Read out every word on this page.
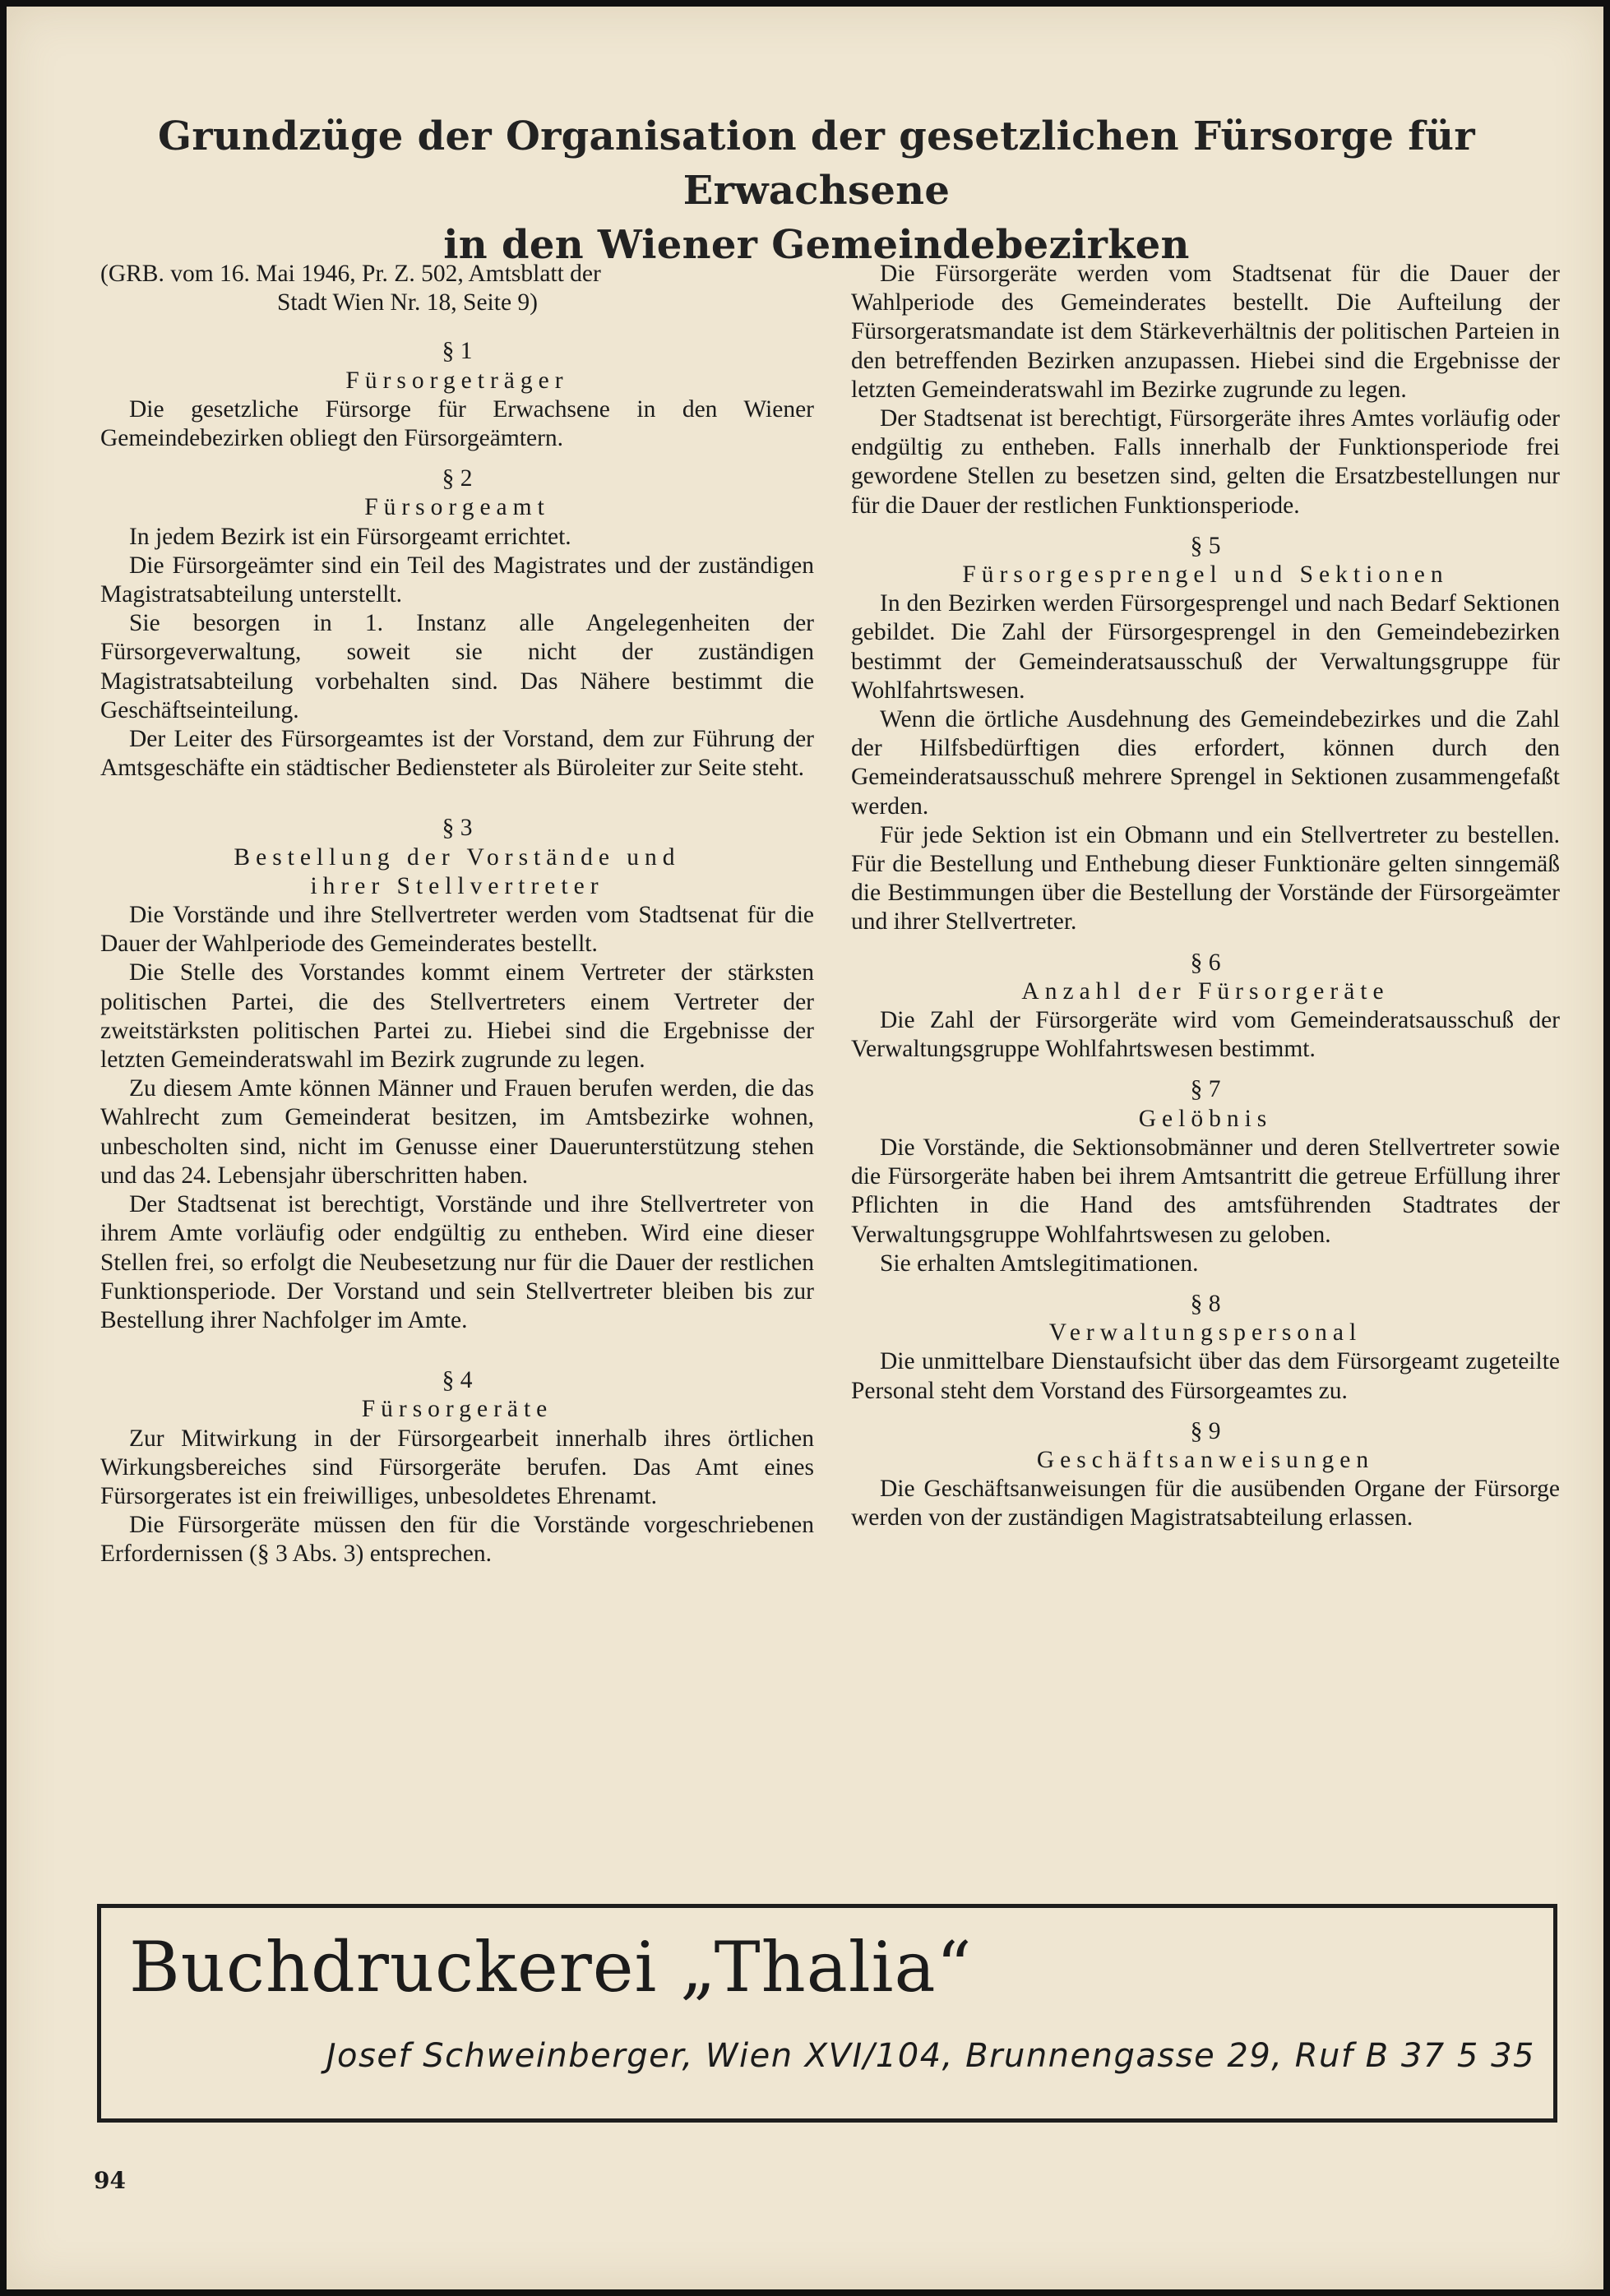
Grundzüge der Organisation der gesetzlichen Fürsorge für Erwachsene
in den Wiener Gemeindebezirken
(GRB. vom 16. Mai 1946, Pr. Z. 502, Amtsblatt der
Stadt Wien Nr. 18, Seite 9)
§ 1
Fürsorgeträger

Die gesetzliche Fürsorge für Erwachsene in den Wiener Gemeindebezirken obliegt den Fürsorgeämtern.

§ 2
Fürsorgeamt

In jedem Bezirk ist ein Fürsorgeamt errichtet.

Die Fürsorgeämter sind ein Teil des Magistrates und der zuständigen Magistratsabteilung unterstellt.

Sie besorgen in 1. Instanz alle Angelegenheiten der Fürsorgeverwaltung, soweit sie nicht der zuständigen Magistratsabteilung vorbehalten sind. Das Nähere bestimmt die Geschäftseinteilung.

Der Leiter des Fürsorgeamtes ist der Vorstand, dem zur Führung der Amtsgeschäfte ein städtischer Bediensteter als Büroleiter zur Seite steht.

§ 3
Bestellung der Vorstände und
ihrer Stellvertreter

Die Vorstände und ihre Stellvertreter werden vom Stadtsenat für die Dauer der Wahlperiode des Gemeinderates bestellt.

Die Stelle des Vorstandes kommt einem Vertreter der stärksten politischen Partei, die des Stellvertreters einem Vertreter der zweitstärksten politischen Partei zu. Hiebei sind die Ergebnisse der letzten Gemeinderatswahl im Bezirk zugrunde zu legen.

Zu diesem Amte können Männer und Frauen berufen werden, die das Wahlrecht zum Gemeinderat besitzen, im Amtsbezirke wohnen, unbescholten sind, nicht im Genusse einer Dauerunterstützung stehen und das 24. Lebensjahr überschritten haben.

Der Stadtsenat ist berechtigt, Vorstände und ihre Stellvertreter von ihrem Amte vorläufig oder endgültig zu entheben. Wird eine dieser Stellen frei, so erfolgt die Neubesetzung nur für die Dauer der restlichen Funktionsperiode. Der Vorstand und sein Stellvertreter bleiben bis zur Bestellung ihrer Nachfolger im Amte.

§ 4
Fürsorgeräte

Zur Mitwirkung in der Fürsorgearbeit innerhalb ihres örtlichen Wirkungsbereiches sind Fürsorgeräte berufen. Das Amt eines Fürsorgerates ist ein freiwilliges, unbesoldetes Ehrenamt.

Die Fürsorgeräte müssen den für die Vorstände vorgeschriebenen Erfordernissen (§ 3 Abs. 3) entsprechen.

Die Fürsorgeräte werden vom Stadtsenat für die Dauer der Wahlperiode des Gemeinderates bestellt. Die Aufteilung der Fürsorgeratsmandate ist dem Stärkeverhältnis der politischen Parteien in den betreffenden Bezirken anzupassen. Hiebei sind die Ergebnisse der letzten Gemeinderatswahl im Bezirke zugrunde zu legen.

Der Stadtsenat ist berechtigt, Fürsorgeräte ihres Amtes vorläufig oder endgültig zu entheben. Falls innerhalb der Funktionsperiode frei gewordene Stellen zu besetzen sind, gelten die Ersatzbestellungen nur für die Dauer der restlichen Funktionsperiode.

§ 5
Fürsorgesprengel und Sektionen

In den Bezirken werden Fürsorgesprengel und nach Bedarf Sektionen gebildet. Die Zahl der Fürsorgesprengel in den Gemeindebezirken bestimmt der Gemeinderatsausschuß der Verwaltungsgruppe für Wohlfahrtswesen.

Wenn die örtliche Ausdehnung des Gemeindebezirkes und die Zahl der Hilfsbedürftigen dies erfordert, können durch den Gemeinderatsausschuß mehrere Sprengel in Sektionen zusammengefaßt werden.

Für jede Sektion ist ein Obmann und ein Stellvertreter zu bestellen. Für die Bestellung und Enthebung dieser Funktionäre gelten sinngemäß die Bestimmungen über die Bestellung der Vorstände der Fürsorgeämter und ihrer Stellvertreter.

§ 6
Anzahl der Fürsorgeräte

Die Zahl der Fürsorgeräte wird vom Gemeinderatsausschuß der Verwaltungsgruppe Wohlfahrtswesen bestimmt.

§ 7
Gelöbnis

Die Vorstände, die Sektionsobmänner und deren Stellvertreter sowie die Fürsorgeräte haben bei ihrem Amtsantritt die getreue Erfüllung ihrer Pflichten in die Hand des amtsführenden Stadtrates der Verwaltungsgruppe Wohlfahrtswesen zu geloben.

Sie erhalten Amtslegitimationen.

§ 8
Verwaltungspersonal

Die unmittelbare Dienstaufsicht über das dem Fürsorgeamt zugeteilte Personal steht dem Vorstand des Fürsorgeamtes zu.

§ 9
Geschäftsanweisungen

Die Geschäftsanweisungen für die ausübenden Organe der Fürsorge werden von der zuständigen Magistratsabteilung erlassen.

Buchdruckerei „Thalia“
Josef Schweinberger, Wien XVI/104, Brunnengasse 29, Ruf B 37 5 35
94
